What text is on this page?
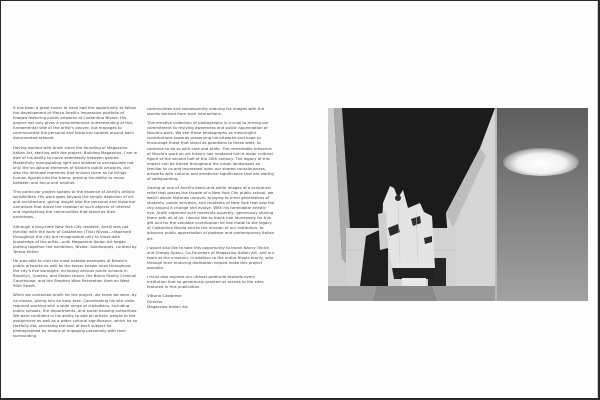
It has been a great honor to have had the opportunity to follow the development of Marco Anelli's impressive portfolio of images featuring public artworks of Costantino Nivola. His project not only gives a comprehensive understanding of this fundamental side of the artist's oeuvre, but manages to communicate the personal and historical context around each documented artwork.

Having worked with Anelli since the founding of Magazzino Italian Art, starting with the project, Building Magazzino, I am in awe of his ability to move seamlessly between genres. Masterfully manipulating light and shadow to encapsulate not only the sculptural elements of Nivola's public artworks, but also the intimate moments that enliven them as he brings human figures into the frame, proving his ability to move between one focus and another.

This particular project speaks to the essence of Anelli's artistic sensibilities. His work goes beyond the simple depiction of art and architecture, giving insight into the personal and historical narratives that drove the creation of such objects of interest and highlighting the communities that stand as their backdrops.

Although a long-time New York City resident, Anelli was not familiar with the work of Costantino (Tino) Nivola—dispersed throughout the city but recognizable only to those with knowledge of the artist—until Magazzino Italian Art began putting together the exhibition, Nivola: Sandscapes, curated by Teresa Kittler.

He was able to visit the most notable examples of Nivola's public artworks as well as the lesser known ones throughout the city's five boroughs, including various public schools in Brooklyn, Queens, and Staten Island, the Bronx Family Criminal Courthouse, and the Stephen Wise Recreation Area on West 90th Street.

When we contacted Anelli for the project, we knew we were, by no means, giving him an easy task. Coordinating his site visits required working with a wide range of custodians, including public schools, fire departments, and social housing authorities. We were confident in his ability to add an artistic weight to the assignment as well as a wider cultural significance, which he so tactfully did, accessing the soul of each subject he photographed by means of engaging personally with their surrounding

communities and subsequently imbuing his images with the stories derived from such interactions.

This emotive collection of photographs is crucial to driving our commitment to reviving awareness and public appreciation of Nivola's work. We see these photographs as meaningful contributions towards preserving his artworks and hope to encourage those that stand as guardians to these sites, to continue to do so with care and pride. The remarkable influence of Nivola's work on art history has rendered him a major cultural figure of the second half of the 20th century. The legacy of this impact can be traced throughout the urban landscapes so familiar to us and impressed upon our shared consciousness, artworks with cultural and emotional significance that are worthy of safeguarding.

Gazing at one of Anelli's black-and-white images of a sculptural relief that graces the facade of a New York City public school, we watch whole histories unravel, bringing to mind generations of students, public servants, and residents of New York that saw the city around it change and evolve. With his formidable artistic eye, Anelli captured such moments superbly, generously sharing them with all of us. I would like to thank him immensely for this gift and for the valuable contribution he has made to the legacy of Costantino Nivola and to the mission of our institution, to advance public appreciation of postwar and contemporary Italian art.

I would also like to take this opportunity to thank Nancy Olnick and Giorgio Spanu, Co-Founders of Magazzino Italian Art, and our team at the museum, in addition to the entire Nivola family, who through their enduring dedication helped make this project possible.

I must also express our utmost gratitude towards every institution that so generously granted us access to the sites featured in this publication.

Vittorio Calabrese
Director
Magazzino Italian Art
